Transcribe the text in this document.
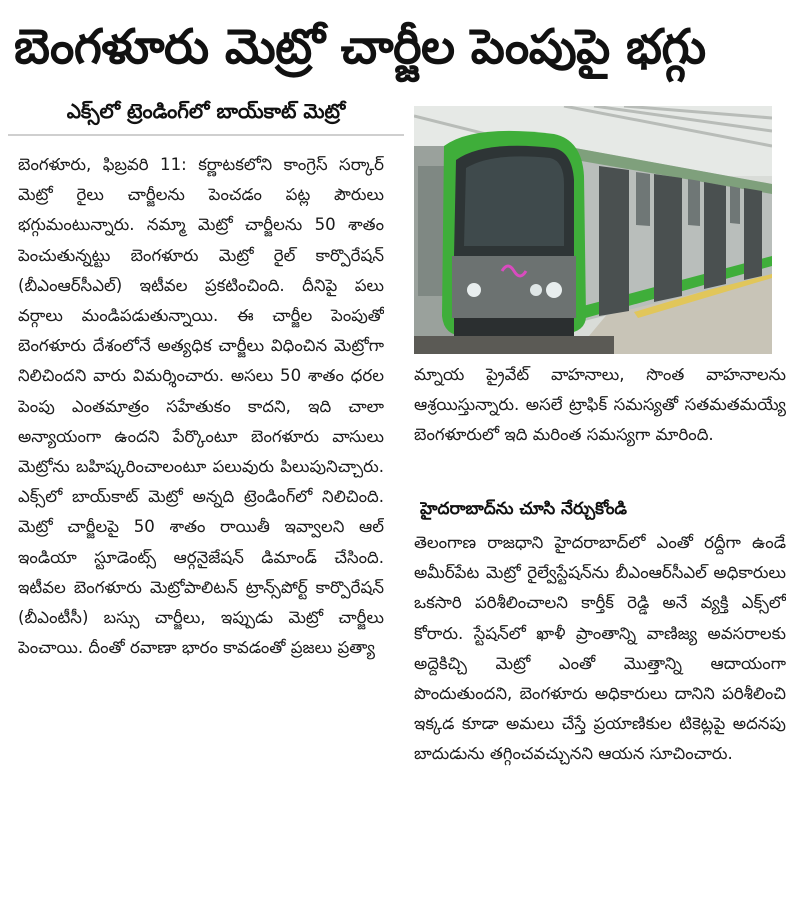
బెంగళూరు మెట్రో చార్జీల పెంపుపై భగ్గు
ఎక్స్‌లో ట్రెండింగ్‌లో బాయ్‌కాట్ మెట్రో

బెంగళూరు, ఫిబ్రవరి 11: కర్ణాటకలోని కాంగ్రెస్ సర్కార్ మెట్రో రైలు చార్జీలను పెంచడం పట్ల పౌరులు భగ్గుమంటున్నారు. నమ్మా మెట్రో చార్జీలను 50 శాతం పెంచుతున్నట్టు బెంగళూరు మెట్రో రైల్ కార్పొరేషన్ (బీఎంఆర్‌సీఎల్) ఇటీవల ప్రకటించింది. దీనిపై పలు వర్గాలు మండిపడుతున్నాయి. ఈ చార్జీల పెంపుతో బెంగళూరు దేశంలోనే అత్యధిక చార్జీలు విధించిన మెట్రోగా నిలిచిందని వారు విమర్శించారు. అసలు 50 శాతం ధరల పెంపు ఎంతమాత్రం సహేతుకం కాదని, ఇది చాలా అన్యాయంగా ఉందని పేర్కొంటూ బెంగళూరు వాసులు మెట్రోను బహిష్కరించాలంటూ పలువురు పిలుపునిచ్చారు. ఎక్స్‌లో బాయ్‌కాట్ మెట్రో అన్నది ట్రెండింగ్‌లో నిలిచింది. మెట్రో చార్జీలపై 50 శాతం రాయితీ ఇవ్వాలని ఆల్ ఇండియా స్టూడెంట్స్ ఆర్గనైజేషన్ డిమాండ్ చేసింది. ఇటీవల బెంగళూరు మెట్రోపాలిటన్ ట్రాన్స్‌పోర్ట్ కార్పొరేషన్ (బీఎంటీసీ) బస్సు చార్జీలు, ఇప్పుడు మెట్రో చార్జీలు పెంచాయి. దీంతో రవాణా భారం కావడంతో ప్రజలు ప్రత్యా

మ్నాయ ప్రైవేట్ వాహనాలు, సొంత వాహనాలను ఆశ్రయిస్తున్నారు. అసలే ట్రాఫిక్ సమస్యతో సతమతమయ్యే బెంగళూరులో ఇది మరింత సమస్యగా మారింది.

హైదరాబాద్‌ను చూసి నేర్చుకోండి

తెలంగాణ రాజధాని హైదరాబాద్‌లో ఎంతో రద్దీగా ఉండే అమీర్‌పేట మెట్రో రైల్వేస్టేషన్‌ను బీఎంఆర్‌సీఎల్ అధికారులు ఒకసారి పరిశీలించాలని కార్తీక్ రెడ్డి అనే వ్యక్తి ఎక్స్‌లో కోరారు. స్టేషన్‌లో ఖాళీ ప్రాంతాన్ని వాణిజ్య అవసరాలకు అద్దెకిచ్చి మెట్రో ఎంతో మొత్తాన్ని ఆదాయంగా పొందుతుందని, బెంగళూరు అధికారులు దానిని పరిశీలించి ఇక్కడ కూడా అమలు చేస్తే ప్రయాణికుల టికెట్లపై అదనపు బాదుడును తగ్గించవచ్చునని ఆయన సూచించారు.
